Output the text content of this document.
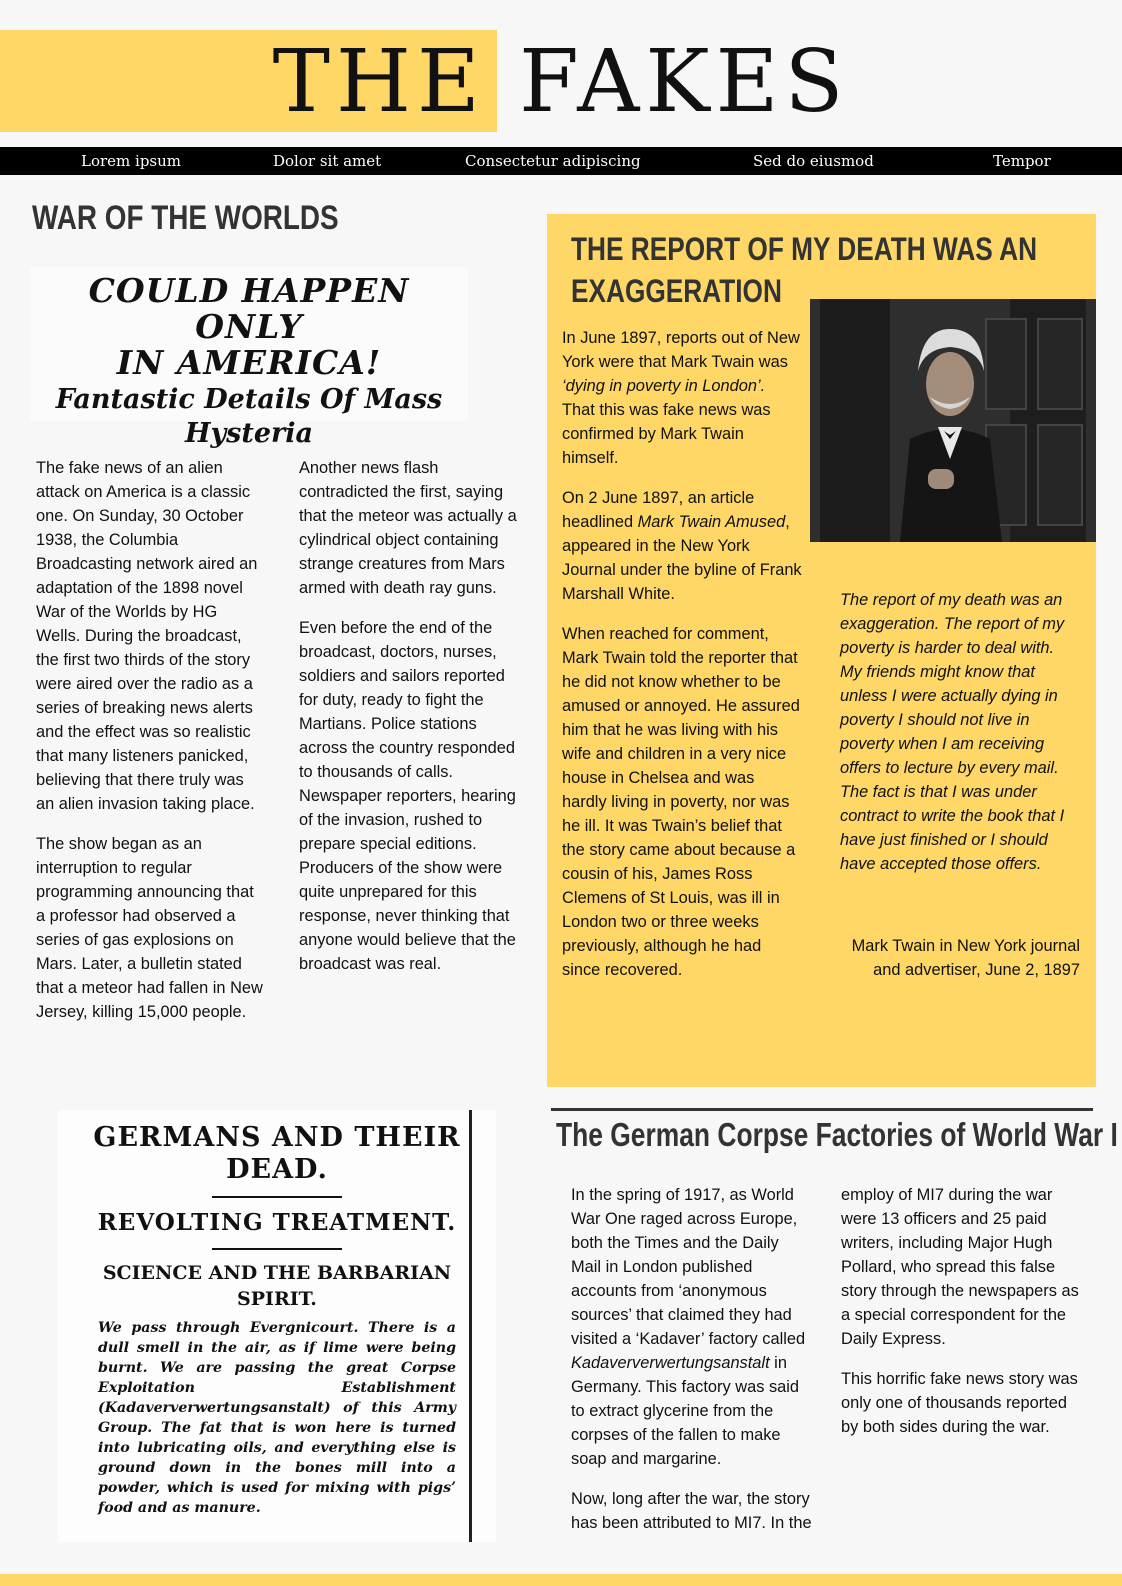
THE FAKES
Lorem ipsum	Dolor sit amet	Consectetur adipiscing	Sed do eiusmod	Tempor
WAR OF THE WORLDS
COULD HAPPEN ONLY
IN AMERICA!
Fantastic Details Of Mass
Hysteria

The fake news of an alien attack on America is a classic one. On Sunday, 30 October 1938, the Columbia Broadcasting network aired an adaptation of the 1898 novel War of the Worlds by HG Wells. During the broadcast, the first two thirds of the story were aired over the radio as a series of breaking news alerts and the effect was so realistic that many listeners panicked, believing that there truly was an alien invasion taking place.

The show began as an interruption to regular programming announcing that a professor had observed a series of gas explosions on Mars. Later, a bulletin stated that a meteor had fallen in New Jersey, killing 15,000 people.

Another news flash contradicted the first, saying that the meteor was actually a cylindrical object containing strange creatures from Mars armed with death ray guns.

Even before the end of the broadcast, doctors, nurses, soldiers and sailors reported for duty, ready to fight the Martians. Police stations across the country responded to thousands of calls. Newspaper reporters, hearing of the invasion, rushed to prepare special editions. Producers of the show were quite unprepared for this response, never thinking that anyone would believe that the broadcast was real.

THE REPORT OF MY DEATH WAS AN
EXAGGERATION

In June 1897, reports out of New York were that Mark Twain was ‘dying in poverty in London’. That this was fake news was confirmed by Mark Twain himself.

On 2 June 1897, an article headlined Mark Twain Amused, appeared in the New York Journal under the byline of Frank Marshall White.

When reached for comment, Mark Twain told the reporter that he did not know whether to be amused or annoyed. He assured him that he was living with his wife and children in a very nice house in Chelsea and was hardly living in poverty, nor was he ill. It was Twain’s belief that the story came about because a cousin of his, James Ross Clemens of St Louis, was ill in London two or three weeks previously, although he had since recovered.

The report of my death was an exaggeration. The report of my poverty is harder to deal with. My friends might know that unless I were actually dying in poverty I should not live in poverty when I am receiving offers to lecture by every mail. The fact is that I was under contract to write the book that I have just finished or I should have accepted those offers.
Mark Twain in New York journal and advertiser, June 2, 1897
GERMANS AND THEIR
DEAD.
REVOLTING TREATMENT.
SCIENCE AND THE BARBARIAN
SPIRIT.
We pass through Evergnicourt. There is a dull smell in the air, as if lime were being burnt. We are passing the great Corpse Exploitation Establishment (Kadaververwertungsanstalt) of this Army Group. The fat that is won here is turned into lubricating oils, and everything else is ground down in the bones mill into a powder, which is used for mixing with pigs’ food and as manure.
The German Corpse Factories of World War I

In the spring of 1917, as World War One raged across Europe, both the Times and the Daily Mail in London published accounts from ‘anonymous sources’ that claimed they had visited a ‘Kadaver’ factory called Kadaververwertungsanstalt in Germany. This factory was said to extract glycerine from the corpses of the fallen to make soap and margarine.

Now, long after the war, the story has been attributed to MI7. In the employ of MI7 during the war were 13 officers and 25 paid writers, including Major Hugh Pollard, who spread this false story through the newspapers as a special correspondent for the Daily Express.

This horrific fake news story was only one of thousands reported by both sides during the war.
